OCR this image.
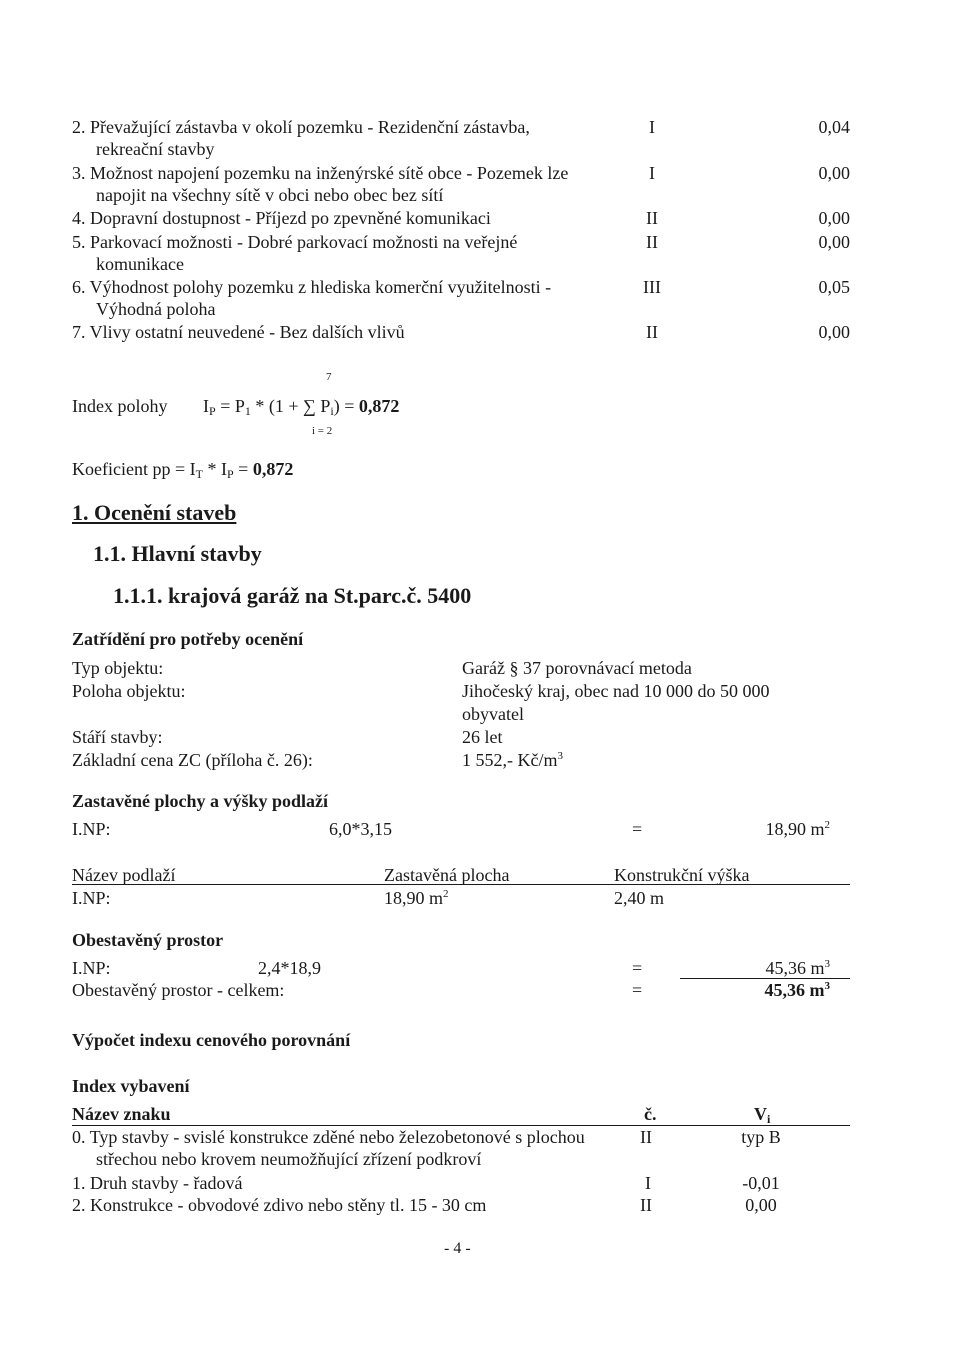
2. Převažující zástavba v okolí pozemku - Rezidenční zástavba,
rekreační stavby
I	0,04
3. Možnost napojení pozemku na inženýrské sítě obce - Pozemek lze
napojit na všechny sítě v obci nebo obec bez sítí
I	0,00
4. Dopravní dostupnost - Příjezd po zpevněné komunikaci	II	0,00
5. Parkovací možnosti - Dobré parkovací možnosti na veřejné
komunikace
II	0,00
6. Výhodnost polohy pozemku z hlediska komerční využitelnosti -
Výhodná poloha
III	0,05
7. Vlivy ostatní neuvedené - Bez dalších vlivů	II	0,00
Index polohy
7
$I_P = P_1 * (1$ + ∑ $P_i) = 0,872$
i = 2
Koeficient pp = $I_T * I_P = 0,872$
1. Ocenění staveb
1.1. Hlavní stavby
1.1.1. krajová garáž na St.parc.č. 5400
Zatřídění pro potřeby ocenění
Typ objektu:	Garáž § 37 porovnávací metoda
Poloha objektu:	Jihočeský kraj, obec nad 10 000 do 50 000
obyvatel
Stáří stavby:	26 let
Základní cena ZC (příloha č. 26):	1 552,- $Kč/m^3$
Zastavěné plochy a výšky podlaží
I.NP:	6,0*3,15	=	18,90 $m^2$
Název podlaží	Zastavěná plocha	Konstrukční výška
I.NP:	18,90 $m^2$	2,40 m
Obestavěný prostor
I.NP:	2,4*18,9	=	45,36 $m^3$
Obestavěný prostor - celkem:	=	45,36 $m^3$
Výpočet indexu cenového porovnání
Index vybavení
Název znaku	č.	$V_i$
0. Typ stavby - svislé konstrukce zděné nebo železobetonové s plochou
střechou nebo krovem neumožňující zřízení podkroví
II	typ B
1. Druh stavby - řadová	I	-0,01
2. Konstrukce - obvodové zdivo nebo stěny tl. 15 - 30 cm	II	0,00
- 4 -
